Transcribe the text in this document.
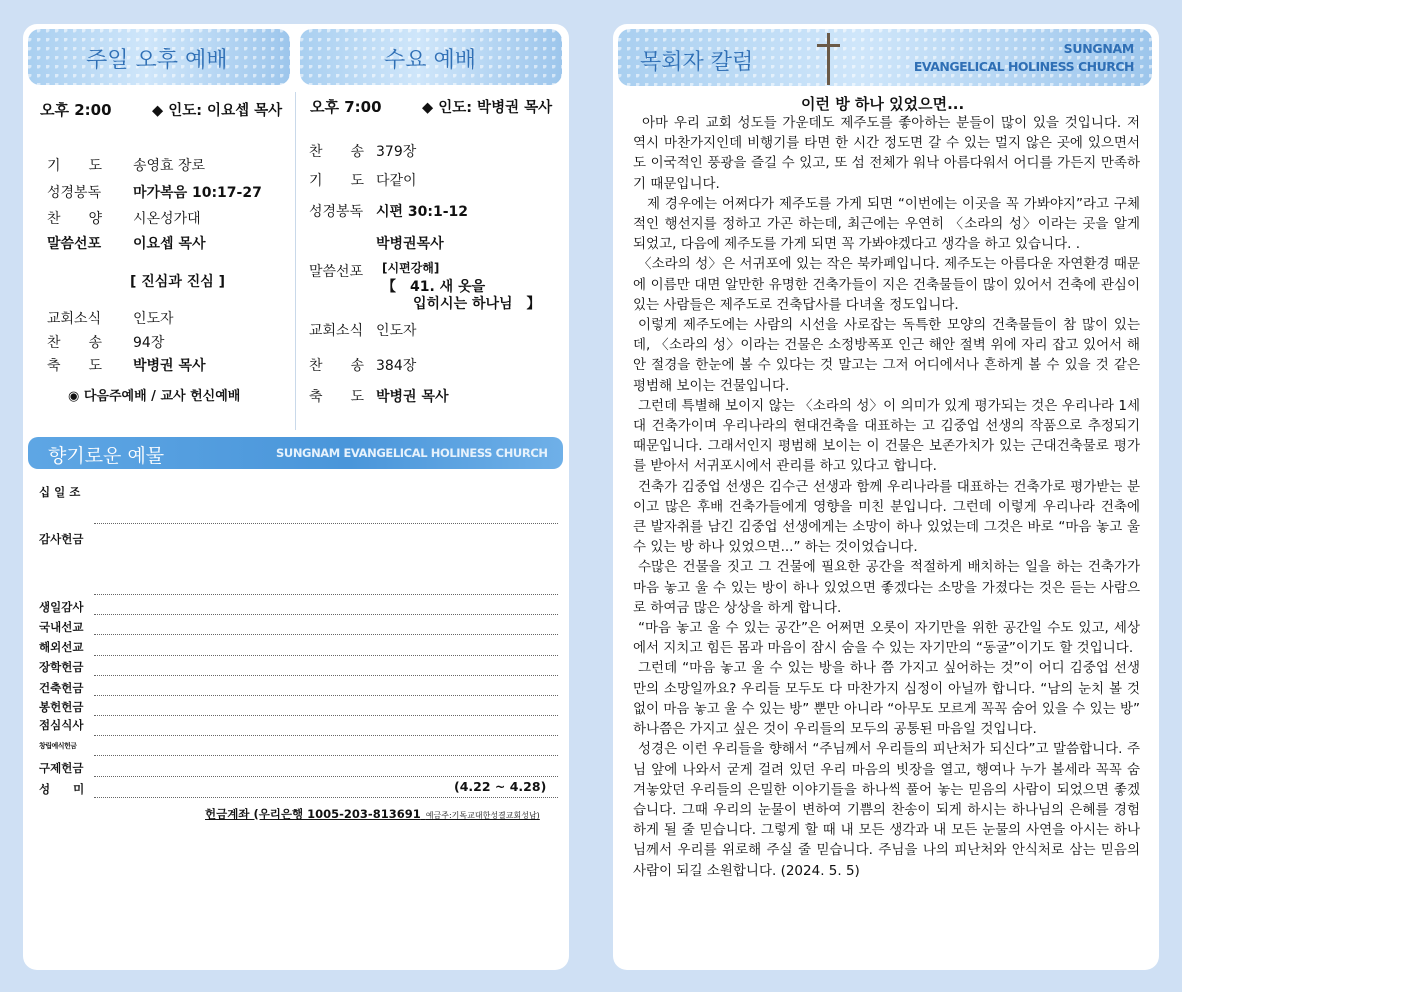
주일 오후 예배	수요 예배
오후 2:00	◆ 인도: 이요셉 목사
기　　도 송영효 장로
성경봉독 마가복음 10:17-27
찬　　양 시온성가대
말씀선포 이요셉 목사
[ 진심과 진심 ]
교회소식 인도자
찬　　송 94장
축　　도 박병권 목사
◉ 다음주예배 / 교사 헌신예배
오후 7:00	◆ 인도: 박병권 목사
찬　　송 379장
기　　도 다같이
성경봉독 시편 30:1-12
박병권목사
말씀선포 [시편강해]
【　41. 새 옷을
입히시는 하나님　】
교회소식 인도자
찬　　송 384장
축　　도 박병권 목사
향기로운 예물	SUNGNAM EVANGELICAL HOLINESS CHURCH
십 일 조
감사헌금
생일감사
국내선교
해외선교
장학헌금
건축헌금
봉헌헌금
점심식사
창립예식헌금
구제헌금
성　　미	(4.22 ~ 4.28)
헌금계좌 (우리은행 1005-203-813691 예금주:기독교대한성결교회성남)
목회자 칼럼
SUNGNAM
EVANGELICAL HOLINESS CHURCH
이런 방 하나 있었으면...

아마 우리 교회 성도들 가운데도 제주도를 좋아하는 분들이 많이 있을 것입니다. 저 역시 마찬가지인데 비행기를 타면 한 시간 정도면 갈 수 있는 멀지 않은 곳에 있으면서도 이국적인 풍광을 즐길 수 있고, 또 섬 전체가 워낙 아름다워서 어디를 가든지 만족하기 때문입니다.

제 경우에는 어쩌다가 제주도를 가게 되면 “이번에는 이곳을 꼭 가봐야지”라고 구체적인 행선지를 정하고 가곤 하는데, 최근에는 우연히 〈소라의 성〉이라는 곳을 알게 되었고, 다음에 제주도를 가게 되면 꼭 가봐야겠다고 생각을 하고 있습니다. .

〈소라의 성〉은 서귀포에 있는 작은 북카페입니다. 제주도는 아름다운 자연환경 때문에 이름만 대면 알만한 유명한 건축가들이 지은 건축물들이 많이 있어서 건축에 관심이 있는 사람들은 제주도로 건축답사를 다녀올 정도입니다.

이렇게 제주도에는 사람의 시선을 사로잡는 독특한 모양의 건축물들이 참 많이 있는데, 〈소라의 성〉이라는 건물은 소정방폭포 인근 해안 절벽 위에 자리 잡고 있어서 해안 절경을 한눈에 볼 수 있다는 것 말고는 그저 어디에서나 흔하게 볼 수 있을 것 같은 평범해 보이는 건물입니다.

그런데 특별해 보이지 않는 〈소라의 성〉이 의미가 있게 평가되는 것은 우리나라 1세대 건축가이며 우리나라의 현대건축을 대표하는 고 김중업 선생의 작품으로 추정되기 때문입니다. 그래서인지 평범해 보이는 이 건물은 보존가치가 있는 근대건축물로 평가를 받아서 서귀포시에서 관리를 하고 있다고 합니다.

건축가 김중업 선생은 김수근 선생과 함께 우리나라를 대표하는 건축가로 평가받는 분이고 많은 후배 건축가들에게 영향을 미친 분입니다. 그런데 이렇게 우리나라 건축에 큰 발자취를 남긴 김중업 선생에게는 소망이 하나 있었는데 그것은 바로 “마음 놓고 울 수 있는 방 하나 있었으면...” 하는 것이었습니다.

수많은 건물을 짓고 그 건물에 필요한 공간을 적절하게 배치하는 일을 하는 건축가가 마음 놓고 울 수 있는 방이 하나 있었으면 좋겠다는 소망을 가졌다는 것은 듣는 사람으로 하여금 많은 상상을 하게 합니다.

“마음 놓고 울 수 있는 공간”은 어쩌면 오롯이 자기만을 위한 공간일 수도 있고, 세상에서 지치고 힘든 몸과 마음이 잠시 숨을 수 있는 자기만의 “동굴”이기도 할 것입니다.

그런데 “마음 놓고 울 수 있는 방을 하나 쯤 가지고 싶어하는 것”이 어디 김중업 선생만의 소망일까요? 우리들 모두도 다 마찬가지 심정이 아닐까 합니다. “남의 눈치 볼 것 없이 마음 놓고 울 수 있는 방” 뿐만 아니라 “아무도 모르게 꼭꼭 숨어 있을 수 있는 방” 하나쯤은 가지고 싶은 것이 우리들의 모두의 공통된 마음일 것입니다.

성경은 이런 우리들을 향해서 “주님께서 우리들의 피난처가 되신다”고 말씀합니다. 주님 앞에 나와서 굳게 걸려 있던 우리 마음의 빗장을 열고, 행여나 누가 볼세라 꼭꼭 숨겨놓았던 우리들의 은밀한 이야기들을 하나씩 풀어 놓는 믿음의 사람이 되었으면 좋겠습니다. 그때 우리의 눈물이 변하여 기쁨의 찬송이 되게 하시는 하나님의 은혜를 경험하게 될 줄 믿습니다. 그렇게 할 때 내 모든 생각과 내 모든 눈물의 사연을 아시는 하나님께서 우리를 위로해 주실 줄 믿습니다. 주님을 나의 피난처와 안식처로 삼는 믿음의 사람이 되길 소원합니다. (2024. 5. 5)
